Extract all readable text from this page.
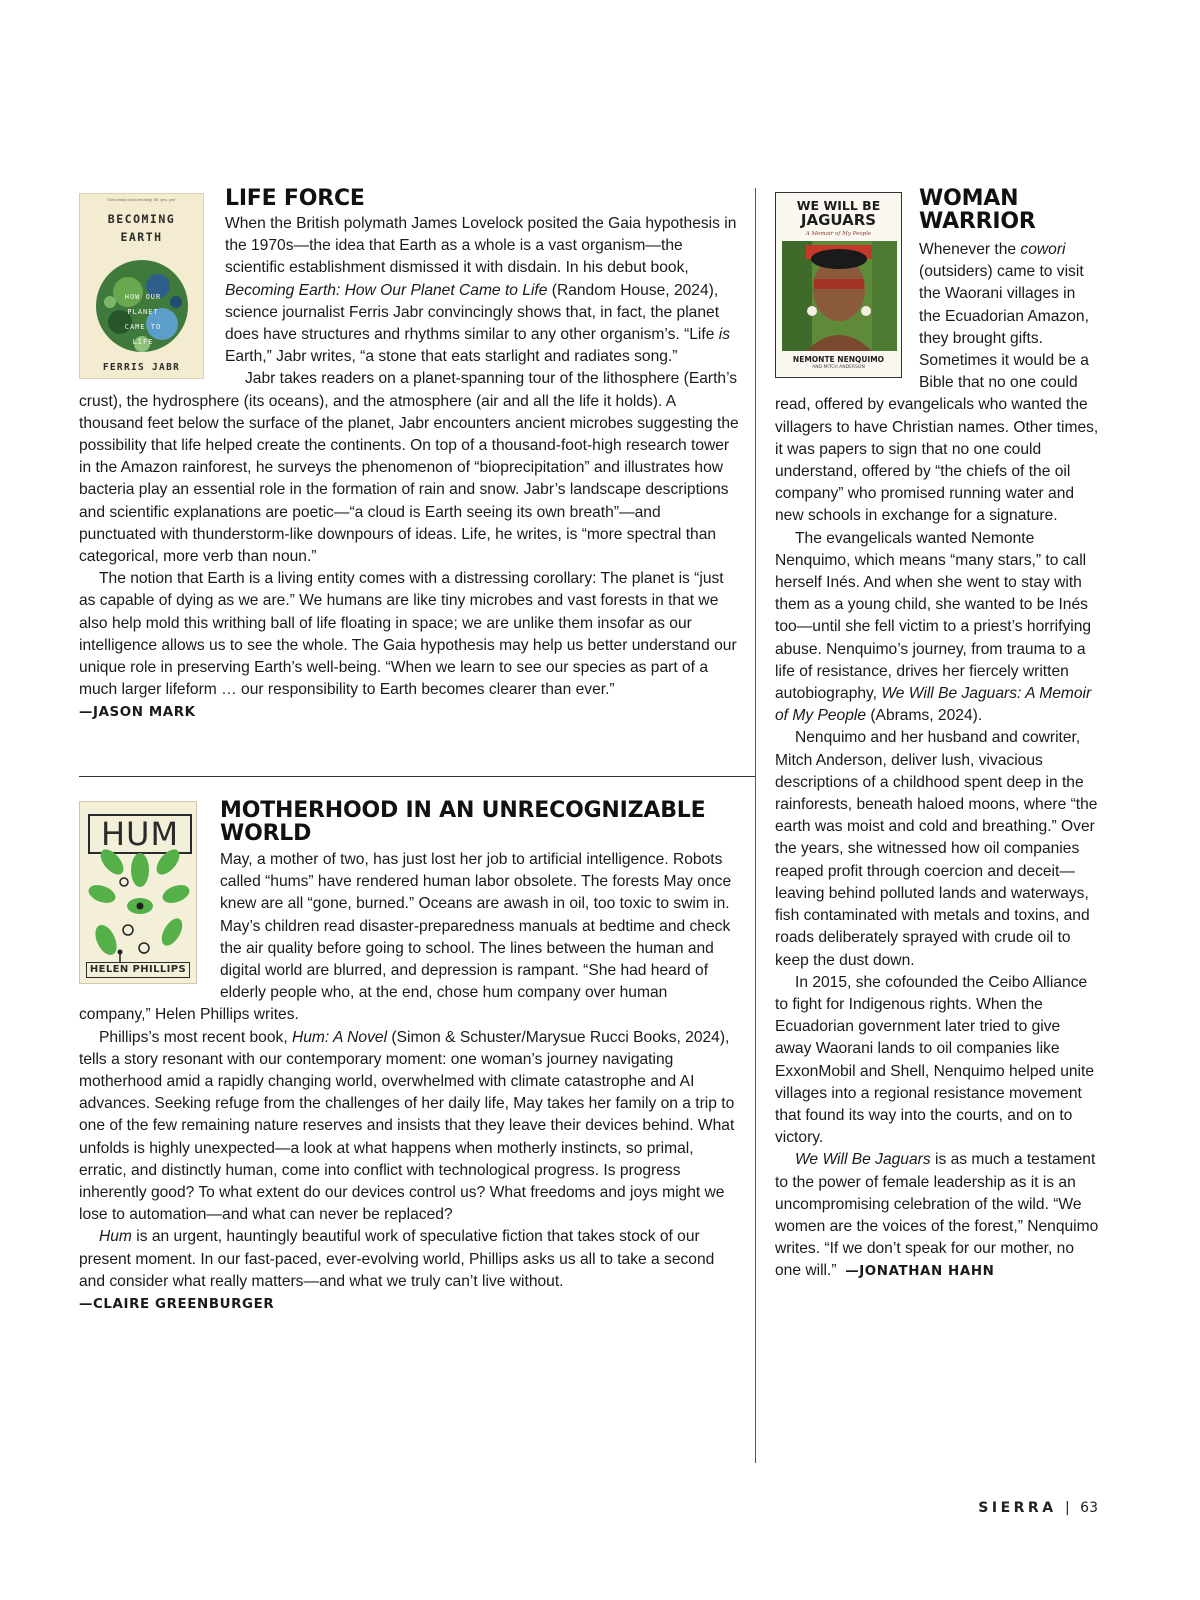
“Genuinely mind-bending! Sit, yes, yes”
BECOMING
EARTH
HOW OUR PLANET CAME TO LIFE
FERRIS JABR
LIFE FORCE

When the British polymath James Lovelock posited the Gaia hypothesis in the 1970s—the idea that Earth as a whole is a vast organism—the scientific establishment dismissed it with disdain. In his debut book, Becoming Earth: How Our Planet Came to Life (Random House, 2024), science journalist Ferris Jabr convincingly shows that, in fact, the planet does have structures and rhythms similar to any other organism’s. “Life is Earth,” Jabr writes, “a stone that eats starlight and radiates song.”

Jabr takes readers on a planet-spanning tour of the lithosphere (Earth’s crust), the hydrosphere (its oceans), and the atmosphere (air and all the life it holds). A thousand feet below the surface of the planet, Jabr encounters ancient microbes suggesting the possibility that life helped create the continents. On top of a thousand-foot-high research tower in the Amazon rainforest, he surveys the phenomenon of “bioprecipitation” and illustrates how bacteria play an essential role in the formation of rain and snow. Jabr’s landscape descriptions and scientific explanations are poetic—“a cloud is Earth seeing its own breath”—and punctuated with thunderstorm-like downpours of ideas. Life, he writes, is “more spectral than categorical, more verb than noun.”

The notion that Earth is a living entity comes with a distressing corollary: The planet is “just as capable of dying as we are.” We humans are like tiny microbes and vast forests in that we also help mold this writhing ball of life floating in space; we are unlike them insofar as our intelligence allows us to see the whole. The Gaia hypothesis may help us better understand our unique role in preserving Earth’s well-being. “When we learn to see our species as part of a much larger lifeform … our responsibility to Earth becomes clearer than ever.”  —JASON MARK

HUM
HELEN PHILLIPS
MOTHERHOOD IN AN UNRECOGNIZABLE WORLD

May, a mother of two, has just lost her job to artificial intelligence. Robots called “hums” have rendered human labor obsolete. The forests May once knew are all “gone, burned.” Oceans are awash in oil, too toxic to swim in. May’s children read disaster-preparedness manuals at bedtime and check the air quality before going to school. The lines between the human and digital world are blurred, and depression is rampant. “She had heard of elderly people who, at the end, chose hum company over human company,” Helen Phillips writes.

Phillips’s most recent book, Hum: A Novel (Simon & Schuster/Marysue Rucci Books, 2024), tells a story resonant with our contemporary moment: one woman’s journey navigating motherhood amid a rapidly changing world, overwhelmed with climate catastrophe and AI advances. Seeking refuge from the challenges of her daily life, May takes her family on a trip to one of the few remaining nature reserves and insists that they leave their devices behind. What unfolds is highly unexpected—a look at what happens when motherly instincts, so primal, erratic, and distinctly human, come into conflict with technological progress. Is progress inherently good? To what extent do our devices control us? What freedoms and joys might we lose to automation—and what can never be replaced?

Hum is an urgent, hauntingly beautiful work of speculative fiction that takes stock of our present moment. In our fast-paced, ever-evolving world, Phillips asks us all to take a second and consider what really matters—and what we truly can’t live without.  —CLAIRE GREENBURGER

WE WILL BE
JAGUARS
A Memoir of My People
NEMONTE NENQUIMO
AND MITCH ANDERSON
WOMAN
WARRIOR

Whenever the cowori (outsiders) came to visit the Waorani villages in the Ecuadorian Amazon, they brought gifts. Sometimes it would be a Bible that no one could read, offered by evangelicals who wanted the villagers to have Christian names. Other times, it was papers to sign that no one could understand, offered by “the chiefs of the oil company” who promised running water and new schools in exchange for a signature.

The evangelicals wanted Nemonte Nenquimo, which means “many stars,” to call herself Inés. And when she went to stay with them as a young child, she wanted to be Inés too—until she fell victim to a priest’s horrifying abuse. Nenquimo’s journey, from trauma to a life of resistance, drives her fiercely written autobiography, We Will Be Jaguars: A Memoir of My People (Abrams, 2024).

Nenquimo and her husband and cowriter, Mitch Anderson, deliver lush, vivacious descriptions of a childhood spent deep in the rainforests, beneath haloed moons, where “the earth was moist and cold and breathing.” Over the years, she witnessed how oil companies reaped profit through coercion and deceit—leaving behind polluted lands and waterways, fish contaminated with metals and toxins, and roads deliberately sprayed with crude oil to keep the dust down.

In 2015, she cofounded the Ceibo Alliance to fight for Indigenous rights. When the Ecuadorian government later tried to give away Waorani lands to oil companies like ExxonMobil and Shell, Nenquimo helped unite villages into a regional resistance movement that found its way into the courts, and on to victory.

We Will Be Jaguars is as much a testament to the power of female leadership as it is an uncompromising celebration of the wild. “We women are the voices of the forest,” Nenquimo writes. “If we don’t speak for our mother, no one will.” —JONATHAN HAHN

SIERRA | 63
